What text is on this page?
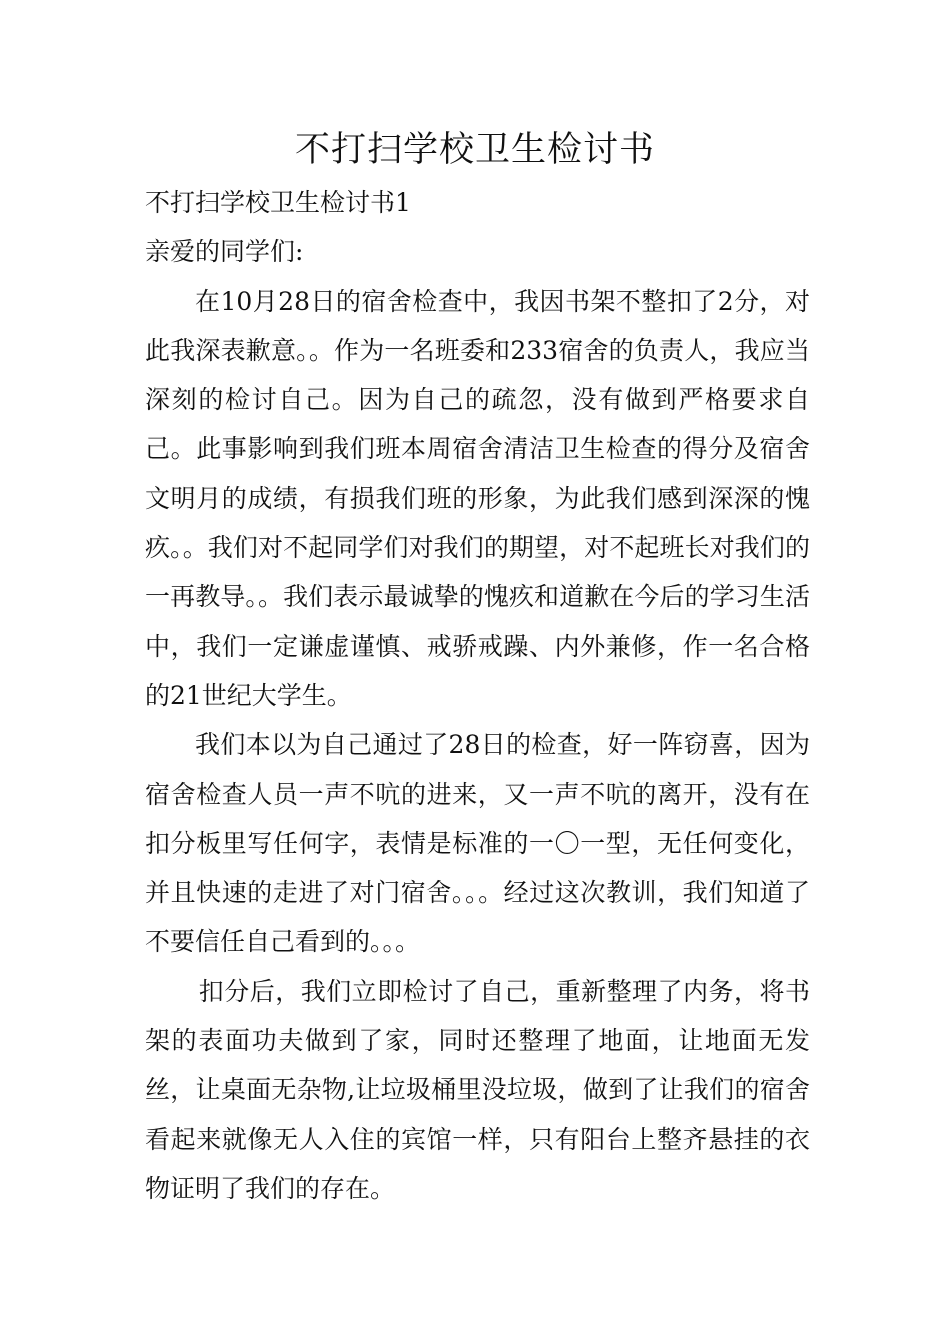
不打扫学校卫生检讨书

不打扫学校卫生检讨书1

亲爱的同学们:

在10月28日的宿舍检查中，我因书架不整扣了2分，对此我深表歉意。。作为一名班委和233宿舍的负责人，我应当深刻的检讨自己。因为自己的疏忽，没有做到严格要求自己。此事影响到我们班本周宿舍清洁卫生检查的得分及宿舍文明月的成绩，有损我们班的形象，为此我们感到深深的愧疚。。我们对不起同学们对我们的期望，对不起班长对我们的一再教导。。我们表示最诚挚的愧疚和道歉在今后的学习生活中，我们一定谦虚谨慎、戒骄戒躁、内外兼修，作一名合格的21世纪大学生。

我们本以为自己通过了28日的检查，好一阵窃喜，因为宿舍检查人员一声不吭的进来，又一声不吭的离开，没有在扣分板里写任何字，表情是标准的一〇一型，无任何变化，并且快速的走进了对门宿舍。。。经过这次教训，我们知道了不要信任自己看到的。。。

扣分后，我们立即检讨了自己，重新整理了内务，将书架的表面功夫做到了家，同时还整理了地面，让地面无发丝，让桌面无杂物,让垃圾桶里没垃圾，做到了让我们的宿舍看起来就像无人入住的宾馆一样，只有阳台上整齐悬挂的衣物证明了我们的存在。
